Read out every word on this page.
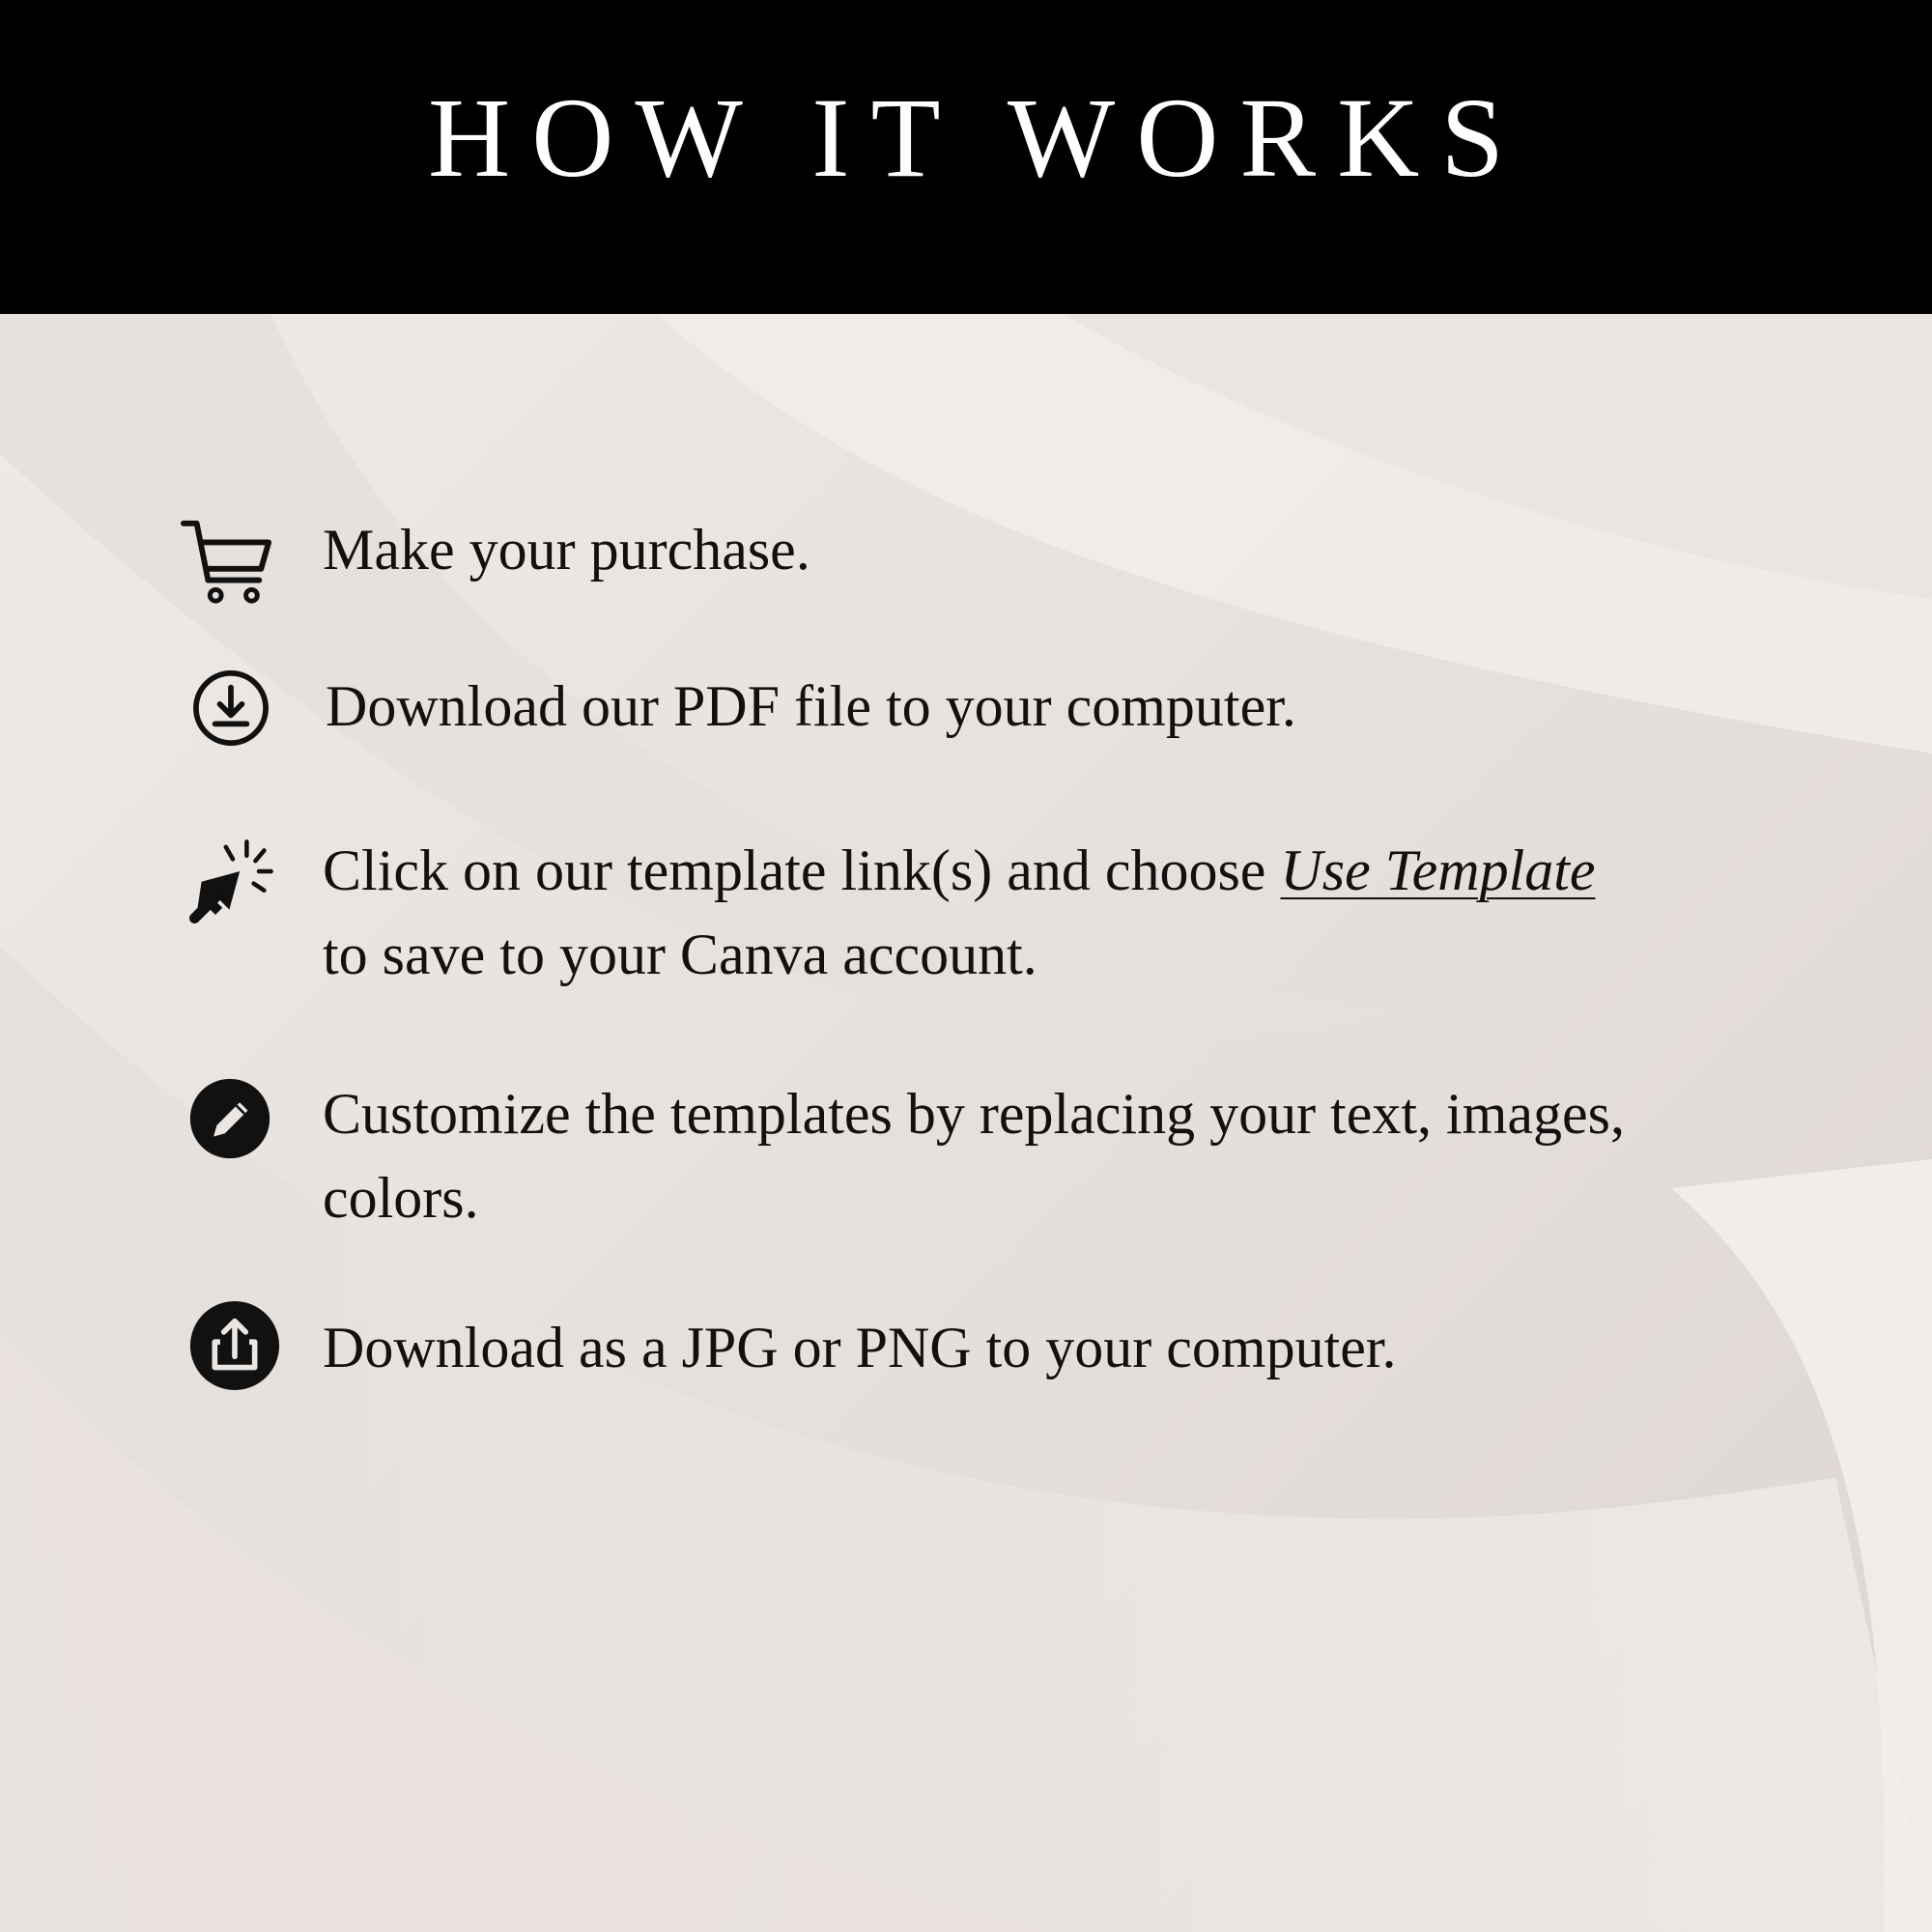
HOW IT WORKS

Make your purchase.

Download our PDF file to your computer.

Click on our template link(s) and choose Use Template
to save to your Canva account.

Customize the templates by replacing your text, images, colors.

Download as a JPG or PNG to your computer.
